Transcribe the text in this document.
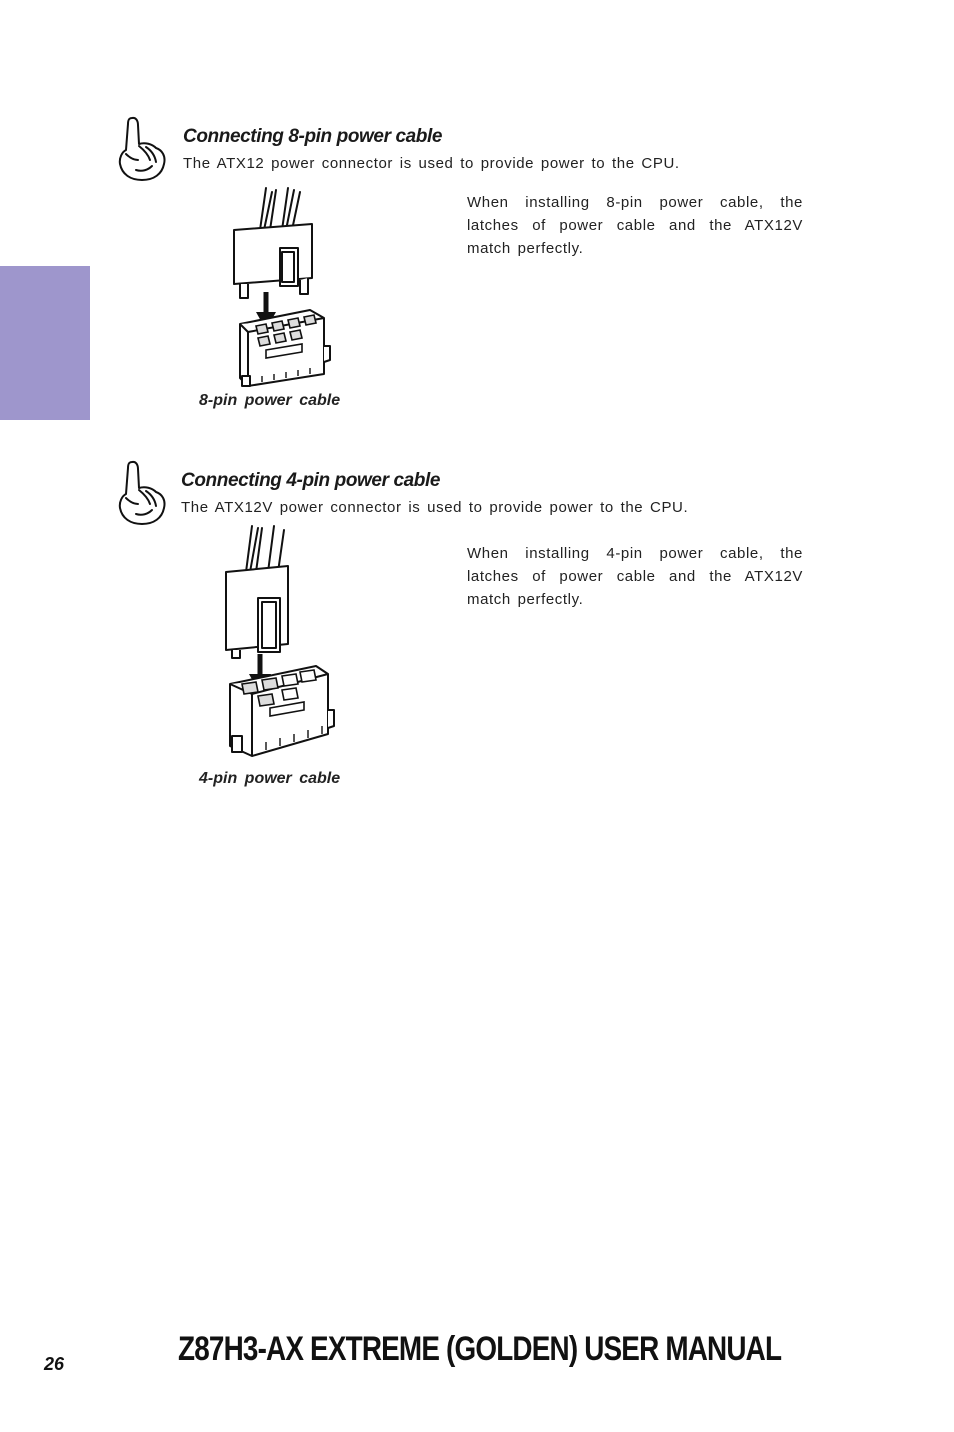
Connecting 8-pin power cable
The ATX12 power connector is used to provide power to the CPU.
When installing 8-pin power cable, the latches of power cable and the ATX12V match perfectly.
8-pin power cable
Connecting 4-pin power cable
The ATX12V power connector is used to provide power to the CPU.
When installing 4-pin power cable, the latches of power cable and the ATX12V match perfectly.
4-pin power cable
26	Z87H3-AX EXTREME (GOLDEN) USER MANUAL
